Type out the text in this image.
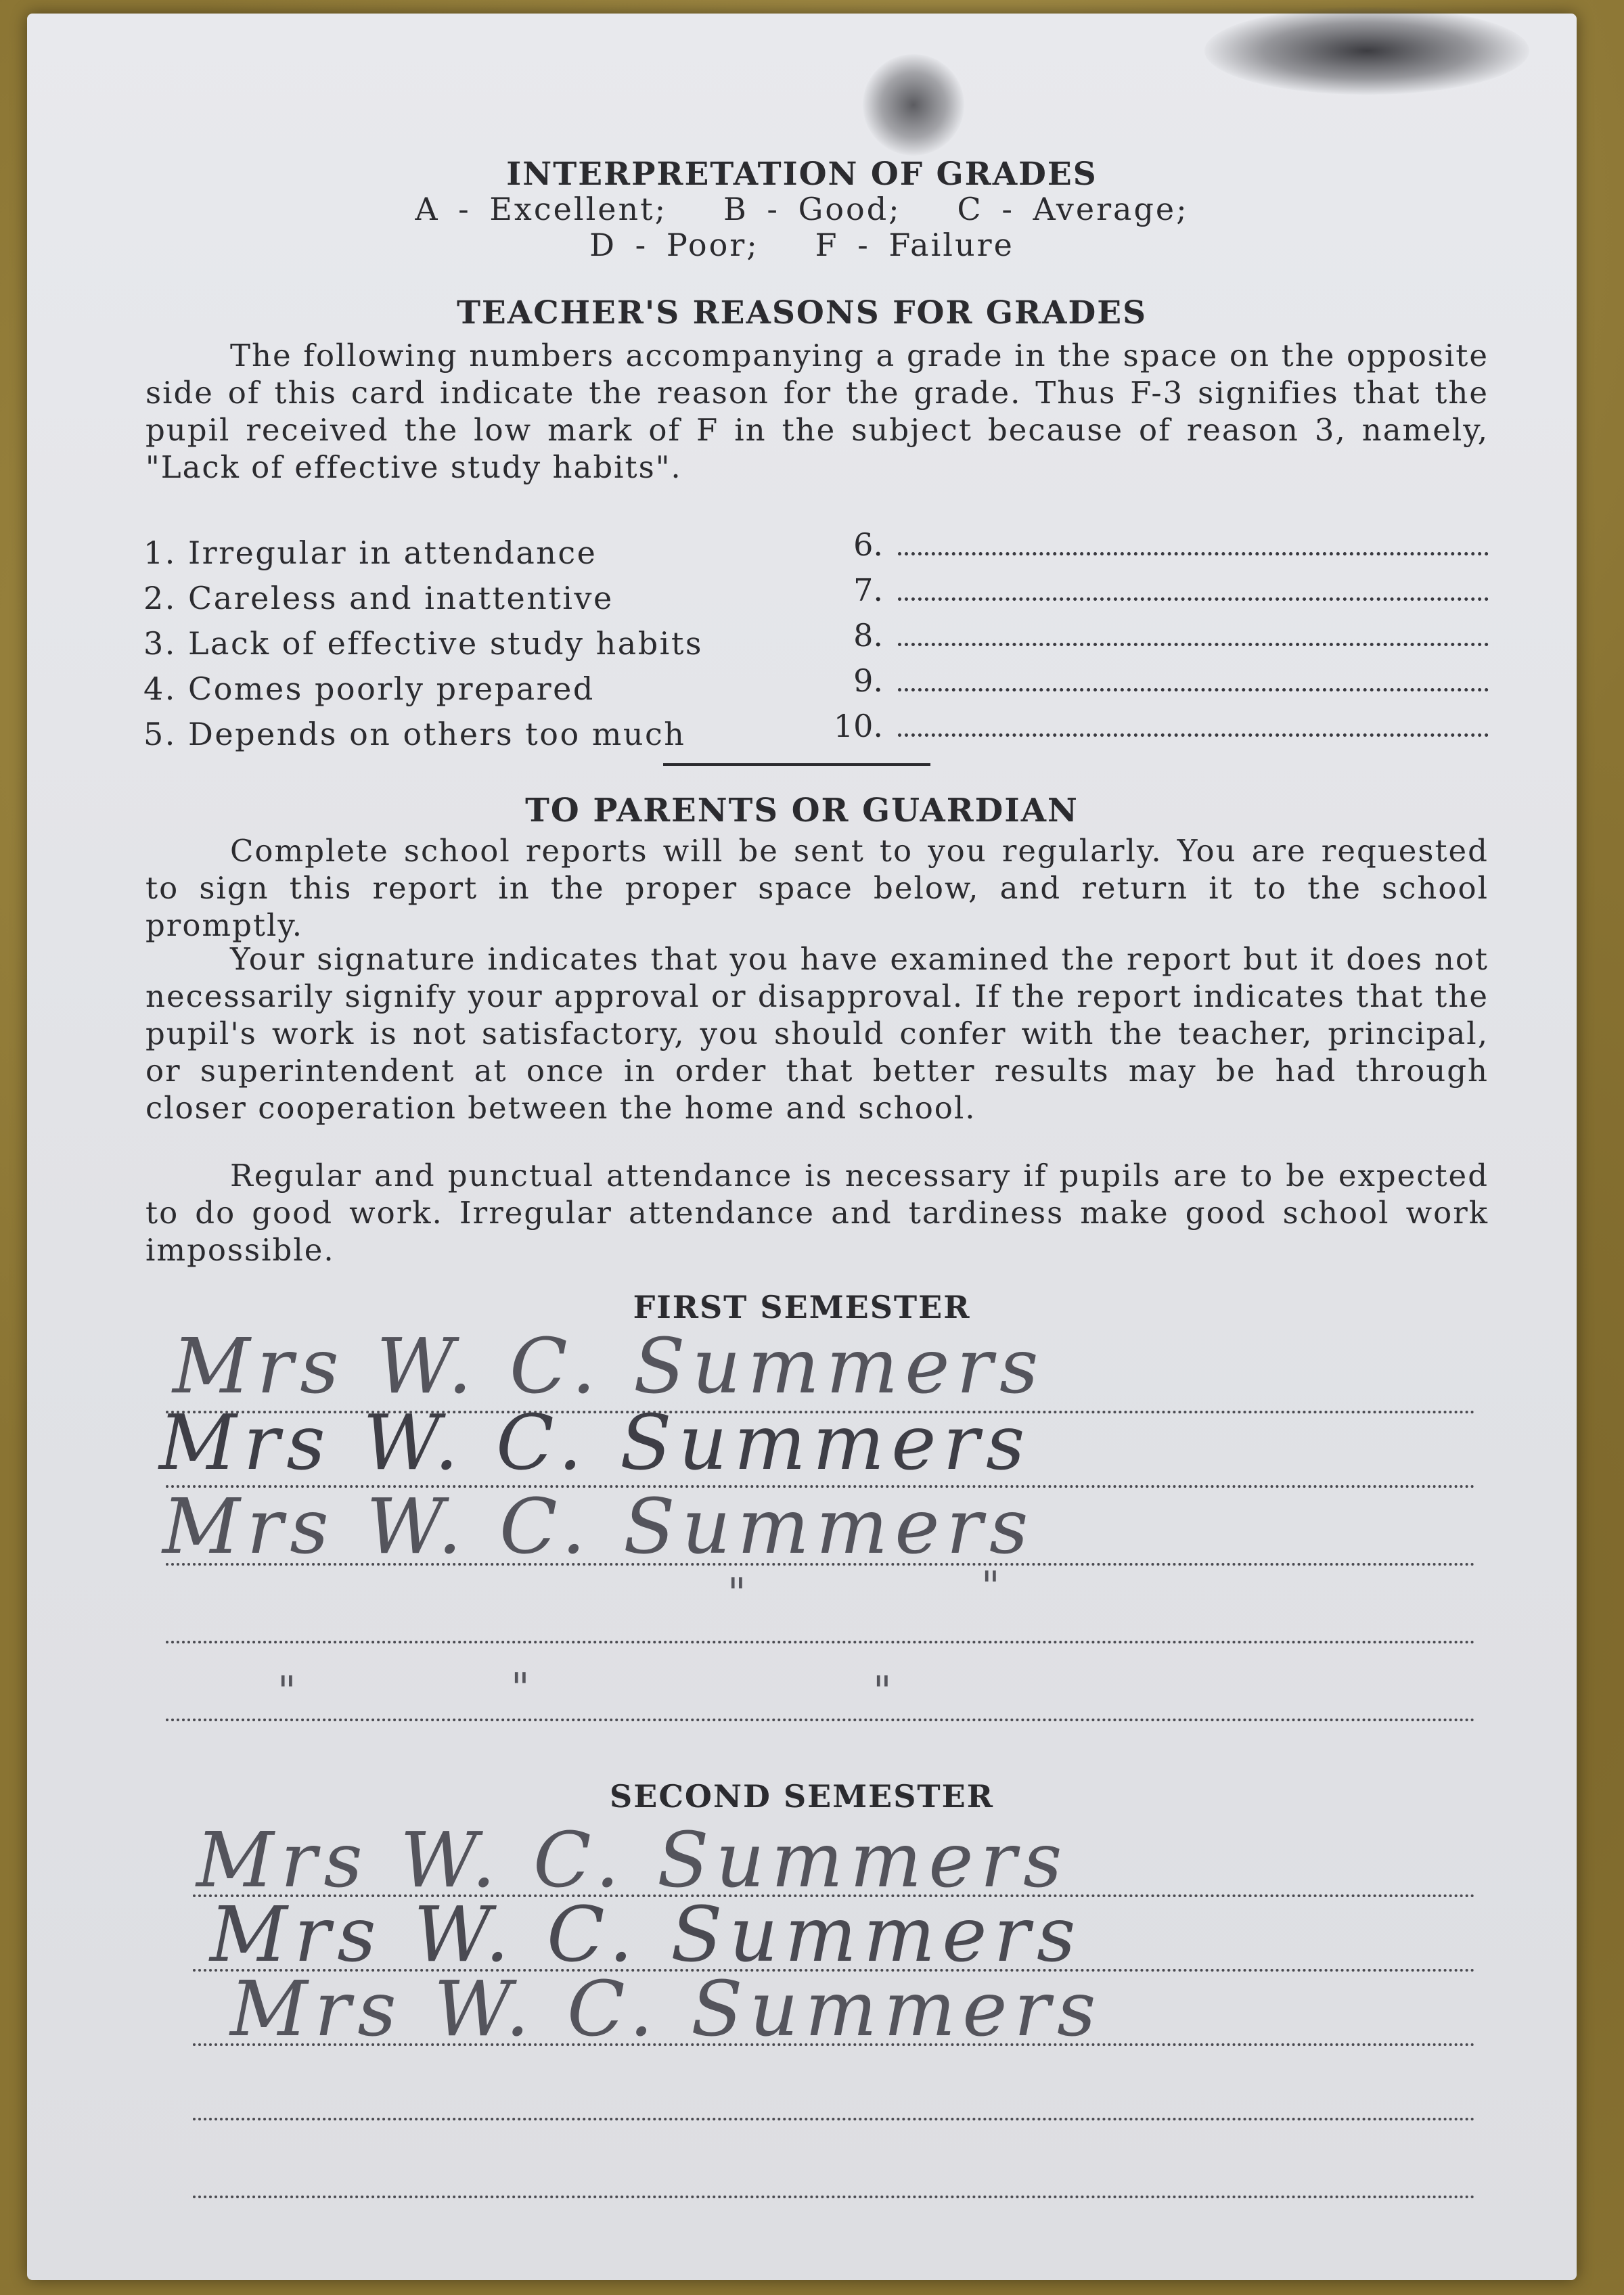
INTERPRETATION OF GRADES
A - Excellent;   B - Good;   C - Average;
D - Poor;   F - Failure
TEACHER'S REASONS FOR GRADES

The following numbers accompanying a grade in the space on the opposite side of this card indicate the reason for the grade. Thus F-3 signifies that the pupil received the low mark of F in the subject because of reason 3, namely, "Lack of effective study habits".

1. Irregular in attendance
2. Careless and inattentive
3. Lack of effective study habits
4. Comes poorly prepared
5. Depends on others too much
6.
7.
8.
9.
10.
TO PARENTS OR GUARDIAN

Complete school reports will be sent to you regularly. You are requested to sign this report in the proper space below, and return it to the school promptly.

Your signature indicates that you have examined the report but it does not necessarily signify your approval or disapproval. If the report indicates that the pupil's work is not satisfactory, you should confer with the teacher, principal, or superintendent at once in order that better results may be had through closer cooperation between the home and school.

Regular and punctual attendance is necessary if pupils are to be expected to do good work. Irregular attendance and tardiness make good school work impossible.

FIRST SEMESTER
Mrs W. C. Summers
Mrs W. C. Summers
Mrs W. C. Summers
"	"
"	"	"
SECOND SEMESTER
Mrs W. C. Summers
Mrs W. C. Summers
Mrs W. C. Summers
